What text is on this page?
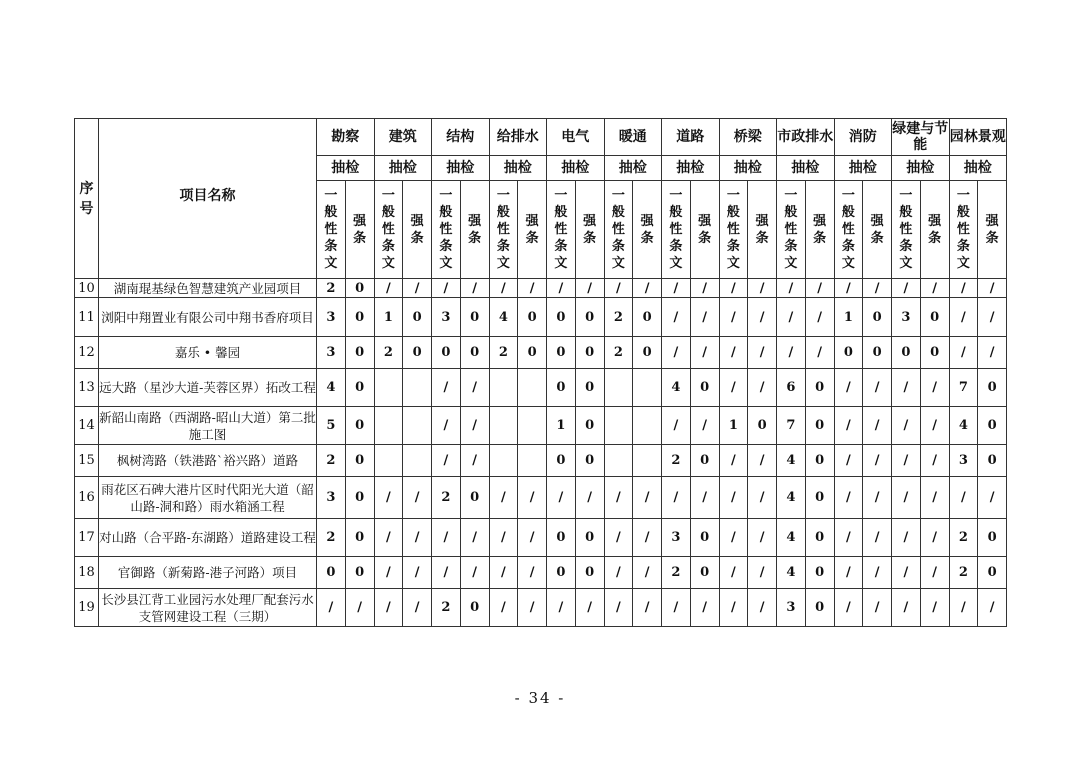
序号	项目名称	勘察		建筑		结构		给排水		电气		暖通		道路		桥梁		市政排水		消防		绿建与节能		园林景观	
		抽检		抽检		抽检		抽检		抽检		抽检		抽检		抽检		抽检		抽检		抽检		抽检	
		一般性条文	强条	一般性条文	强条	一般性条文	强条	一般性条文	强条	一般性条文	强条	一般性条文	强条	一般性条文	强条	一般性条文	强条	一般性条文	强条	一般性条文	强条	一般性条文	强条	一般性条文	强条
10	湖南琨基绿色智慧建筑产业园项目	2	0	/	/	/	/	/	/	/	/	/	/	/	/	/	/	/	/	/	/	/	/	/	/
11	浏阳中翔置业有限公司中翔书香府项目	3	0	1	0	3	0	4	0	0	0	2	0	/	/	/	/	/	/	1	0	3	0	/	/
12	嘉乐 • 馨园	3	0	2	0	0	0	2	0	0	0	2	0	/	/	/	/	/	/	0	0	0	0	/	/
13	远大路（星沙大道-芙蓉区界）拓改工程	4	0			/	/			0	0			4	0	/	/	6	0	/	/	/	/	7	0
14	新韶山南路（西湖路-昭山大道）第二批施工图	5	0			/	/			1	0			/	/	1	0	7	0	/	/	/	/	4	0
15	枫树湾路（铁港路`裕兴路）道路	2	0			/	/			0	0			2	0	/	/	4	0	/	/	/	/	3	0
16	雨花区石碑大港片区时代阳光大道（韶山路-洞和路）雨水箱涵工程	3	0	/	/	2	0	/	/	/	/	/	/	/	/	/	/	4	0	/	/	/	/	/	/
17	对山路（合平路-东湖路）道路建设工程	2	0	/	/	/	/	/	/	0	0	/	/	3	0	/	/	4	0	/	/	/	/	2	0
18	官御路（新菊路-港子河路）项目	0	0	/	/	/	/	/	/	0	0	/	/	2	0	/	/	4	0	/	/	/	/	2	0
19	长沙县江背工业园污水处理厂配套污水支管网建设工程（三期）	/	/	/	/	2	0	/	/	/	/	/	/	/	/	/	/	3	0	/	/	/	/	/	/
- 34 -
